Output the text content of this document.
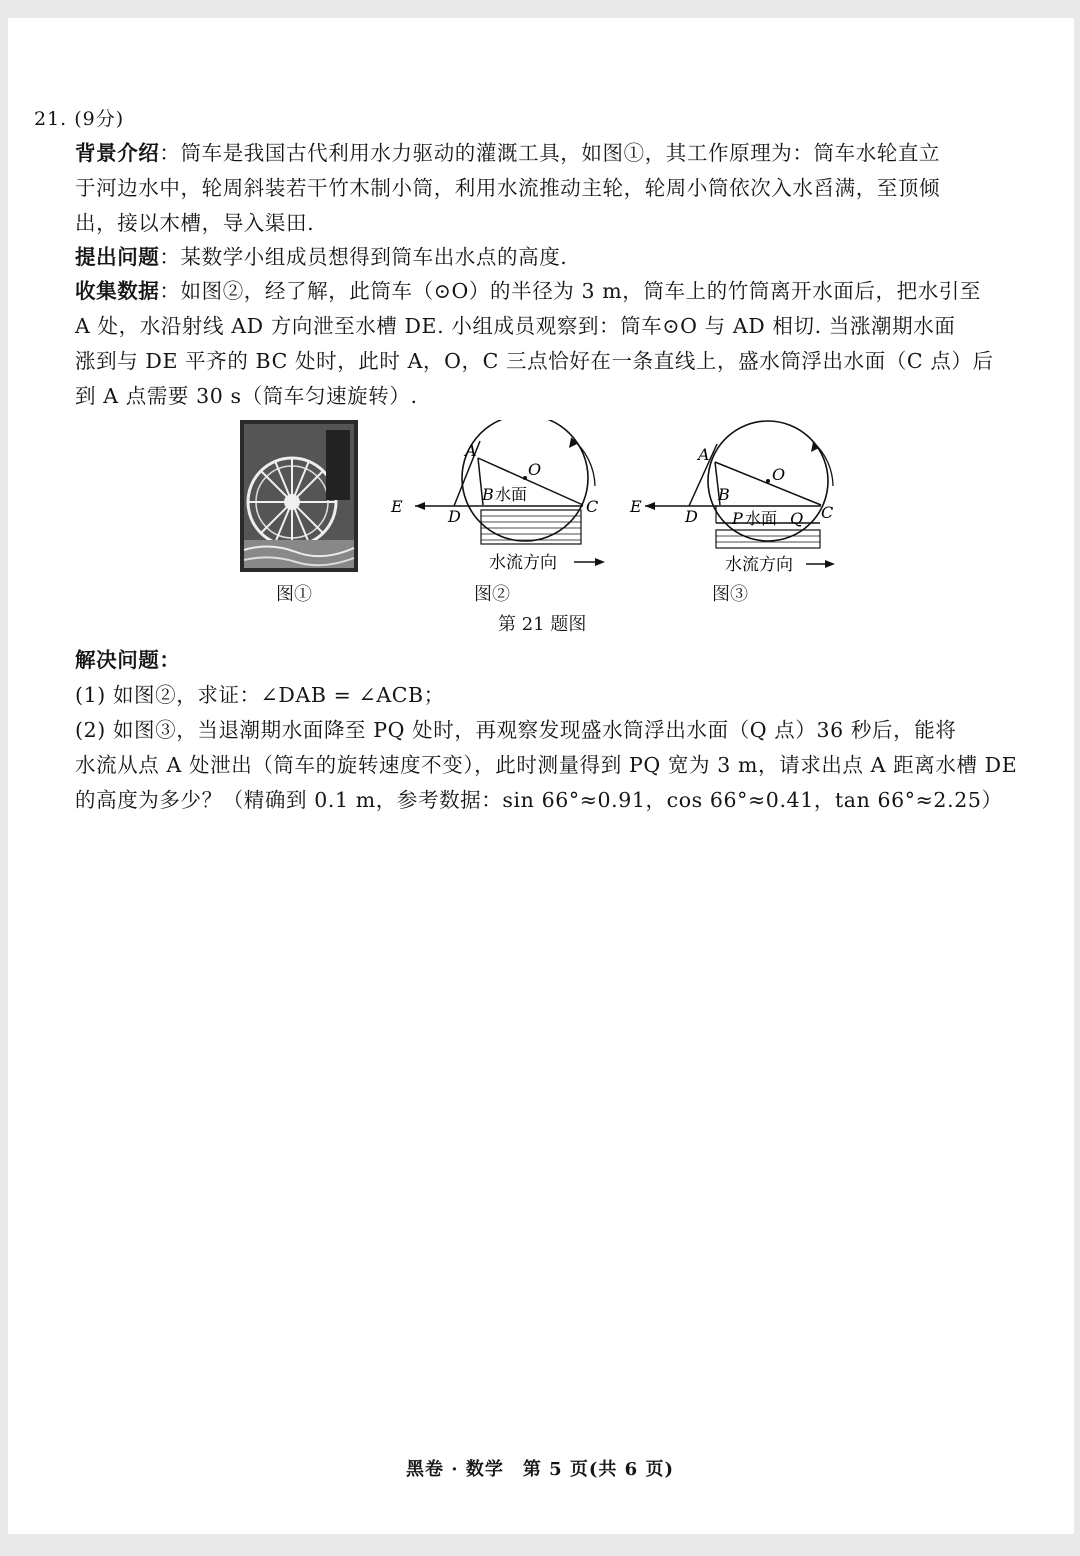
21. (9分)
背景介绍：筒车是我国古代利用水力驱动的灌溉工具，如图①，其工作原理为：筒车水轮直立
于河边水中，轮周斜装若干竹木制小筒，利用水流推动主轮，轮周小筒依次入水舀满，至顶倾
出，接以木槽，导入渠田.
提出问题：某数学小组成员想得到筒车出水点的高度.
收集数据：如图②，经了解，此筒车（⊙O）的半径为 3 m，筒车上的竹筒离开水面后，把水引至
A 处，水沿射线 AD 方向泄至水槽 DE. 小组成员观察到：筒车⊙O 与 AD 相切. 当涨潮期水面
涨到与 DE 平齐的 BC 处时，此时 A，O，C 三点恰好在一条直线上，盛水筒浮出水面（C 点）后
到 A 点需要 30 s（筒车匀速旋转）.
图①
A
O
B 水面
C
E
D
水流方向
图②
A
O
B
P 水面 Q C
E
D
水流方向
图③
第 21 题图
解决问题：
(1) 如图②，求证：∠DAB = ∠ACB；
(2) 如图③，当退潮期水面降至 PQ 处时，再观察发现盛水筒浮出水面（Q 点）36 秒后，能将
水流从点 A 处泄出（筒车的旋转速度不变），此时测量得到 PQ 宽为 3 m，请求出点 A 距离水槽 DE
的高度为多少？（精确到 0.1 m，参考数据：sin 66°≈0.91，cos 66°≈0.41，tan 66°≈2.25）
黑卷 · 数学　第 5 页(共 6 页)
